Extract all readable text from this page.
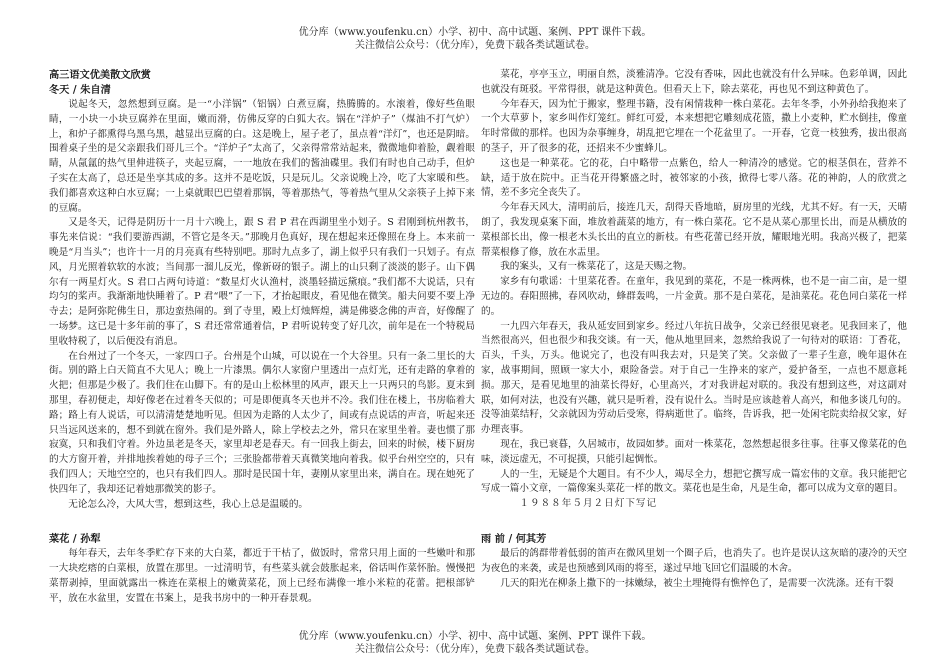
优分库（www.youfenku.cn）小学、初中、高中试题、案例、PPT 课件下载。
关注微信公众号：（优分库），免费下载各类试题试卷。
高三语文优美散文欣赏
冬天 / 朱自清

说起冬天，忽然想到豆腐。是一“小洋锅”（铝锅）白煮豆腐，热腾腾的。水滚着，像好些鱼眼睛，一小块一小块豆腐养在里面，嫩而滑，仿佛反穿的白狐大衣。锅在“洋炉子”（煤油不打气炉）上，和炉子都熏得乌黑乌黑，越显出豆腐的白。这是晚上，屋子老了，虽点着“洋灯”，也还是阴暗。围着桌子坐的是父亲跟我们哥儿三个。“洋炉子”太高了，父亲得常常站起来，微微地仰着脸，觑着眼睛，从氤氲的热气里伸进筷子，夹起豆腐，一一地放在我们的酱油碟里。我们有时也自己动手，但炉子实在太高了，总还是坐享其成的多。这并不是吃饭，只是玩儿。父亲说晚上冷，吃了大家暖和些。我们都喜欢这种白水豆腐；一上桌就眼巴巴望着那锅，等着那热气，等着热气里从父亲筷子上掉下来的豆腐。

又是冬天，记得是阴历十一月十六晚上，跟 S 君 P 君在西湖里坐小划子。S 君刚到杭州教书，事先来信说：“我们要游西湖，不管它是冬天。”那晚月色真好，现在想起来还像照在身上。本来前一晚是“月当头”；也许十一月的月亮真有些特别吧。那时九点多了，湖上似乎只有我们一只划子。有点风，月光照着软软的水波；当间那一溜儿反光，像新砑的银子。湖上的山只剩了淡淡的影子。山下偶尔有一两星灯火。S 君口占两句诗道：“数星灯火认渔村，淡墨轻描远黛痕。”我们都不大说话，只有均匀的桨声。我渐渐地快睡着了。P 君“喂”了一下，才抬起眼皮，看见他在微笑。船夫问要不要上净寺去；是阿弥陀佛生日，那边蛮热闹的。到了寺里，殿上灯烛辉煌，满是佛婆念佛的声音，好像醒了一场梦。这已是十多年前的事了，S 君还常常通着信，P 君听说转变了好几次，前年是在一个特税局里收特税了，以后便没有消息。

在台州过了一个冬天，一家四口子。台州是个山城，可以说在一个大谷里。只有一条二里长的大街。别的路上白天简直不大见人；晚上一片漆黑。偶尔人家窗户里透出一点灯光，还有走路的拿着的火把；但那是少极了。我们住在山脚下。有的是山上松林里的风声，跟天上一只两只的鸟影。夏末到那里，春初便走，却好像老在过着冬天似的；可是即便真冬天也并不冷。我们住在楼上，书房临着大路；路上有人说话，可以清清楚楚地听见。但因为走路的人太少了，间或有点说话的声音，听起来还只当远风送来的，想不到就在窗外。我们是外路人，除上学校去之外，常只在家里坐着。妻也惯了那寂寞，只和我们守着。外边虽老是冬天，家里却老是春天。有一回我上街去，回来的时候，楼下厨房的大方窗开着，并排地挨着她的母子三个；三张脸都带着天真微笑地向着我。似乎台州空空的，只有我们四人；天地空空的，也只有我们四人。那时是民国十年，妻刚从家里出来，满自在。现在她死了快四年了，我却还记着她那微笑的影子。

无论怎么冷，大风大雪，想到这些，我心上总是温暖的。

菜花 / 孙犁

每年春天，去年冬季贮存下来的大白菜，都近于干枯了，做饭时，常常只用上面的一些嫩叶和那一大块疙瘩的白菜根，放置在那里。一过清明节，有些菜头就会鼓胀起来，俗话叫作菜怀胎。慢慢把菜帮剥掉，里面就露出一株连在菜根上的嫩黄菜花，顶上已经布满像一堆小米粒的花蕾。把根部铲平，放在水盆里，安置在书案上，是我书房中的一种开春景观。

菜花，亭亭玉立，明丽自然，淡雅清净。它没有香味，因此也就没有什么异味。色彩单调，因此也就没有斑驳。平常得很，就是这种黄色。但看天上下，除去菜花，再也见不到这种黄色了。

今年春天，因为忙于搬家，整理书籍，没有闲情栽种一株白菜花。去年冬季，小外孙给我抱来了一个大草萝卜，家乡叫作灯笼红。鲜红可爱，本来想把它雕刻成花篮，撒上小麦种，贮水倒挂，像童年时常做的那样。也因为杂事缠身，胡乱把它埋在一个花盆里了。一开春，它竟一枝独秀，拔出很高的茎子，开了很多的花，还招来不少蜜蜂儿。

这也是一种菜花。它的花，白中略带一点紫色，给人一种清冷的感觉。它的根茎俱在，营养不缺，适于放在院中。正当花开得繁盛之时，被邻家的小孩，掀得七零八落。花的神韵，人的欣赏之情，差不多完全丧失了。

今年春天风大，清明前后，接连几天，刮得天昏地暗，厨房里的光线，尤其不好。有一天，天晴朗了，我发现桌案下面，堆放着蔬菜的地方，有一株白菜花。它不是从菜心那里长出，而是从横放的菜根部长出，像一根老木头长出的直立的新枝。有些花蕾已经开放，耀眼地光明。我高兴极了，把菜帮菜根修了修，放在水盂里。

我的案头，又有一株菜花了，这是天赐之物。

家乡有句歌谣：十里菜花香。在童年，我见到的菜花，不是一株两株，也不是一亩二亩，是一望无边的。春阳照拂，春风吹动，蜂群轰鸣，一片金黄。那不是白菜花，是油菜花。花色同白菜花一样的。

一九四六年春天，我从延安回到家乡。经过八年抗日战争，父亲已经很见衰老。见我回来了，他当然很高兴，但也很少和我交谈。有一天，他从地里回来，忽然给我说了一句待对的联语：丁香花，百头，千头，万头。他说完了，也没有叫我去对，只是笑了笑。父亲做了一辈子生意，晚年退休在家，战事期间，照顾一家大小，艰险备尝。对于自己一生挣来的家产，爱护备至，一点也不愿意耗损。那天，是看见地里的油菜长得好，心里高兴，才对我讲起对联的。我没有想到这些，对这副对联，如何对法，也没有兴趣，就只是听着，没有说什么。当时是应该趁着人高兴，和他多谈几句的。没等油菜结籽，父亲就因为劳动后受寒，得病逝世了。临终，告诉我，把一处闲宅院卖给叔父家，好办理丧事。

现在，我已衰暮，久居城市，故园如梦。面对一株菜花，忽然想起很多往事。往事又像菜花的色味，淡远虚无，不可捉摸，只能引起惆怅。

人的一生，无疑是个大题目。有不少人，竭尽全力，想把它撰写成一篇宏伟的文章。我只能把它写成一篇小文章，一篇像案头菜花一样的散文。菜花也是生命，凡是生命，都可以成为文章的题目。

１９８８年５月２日灯下写记

雨 前 / 何其芳

最后的鸽群带着低弱的笛声在微风里划一个圈子后，也消失了。也许是误认这灰暗的凄冷的天空为夜色的来袭，或是也预感到风雨的将至，遂过早地飞回它们温暖的木舍。

几天的阳光在柳条上撒下的一抹嫩绿，被尘土埋掩得有憔悴色了，是需要一次洗涤。还有干裂

优分库（www.youfenku.cn）小学、初中、高中试题、案例、PPT 课件下载。
关注微信公众号：（优分库），免费下载各类试题试卷。
